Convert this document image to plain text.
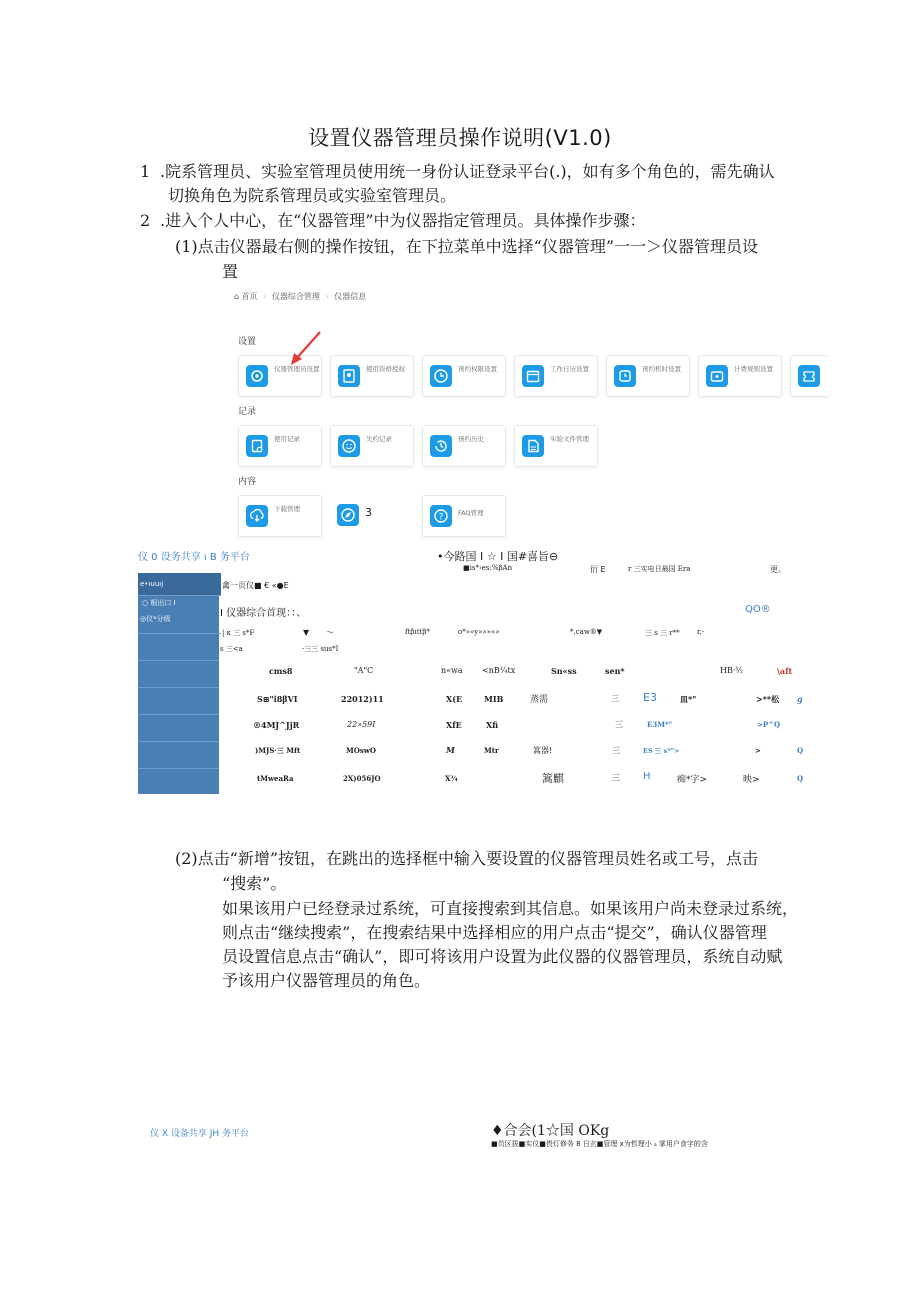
设置仪器管理员操作说明(V1.0)
1 .院系管理员、实验室管理员使用统一身份认证登录平台(.)，如有多个角色的，需先确认
切换角色为院系管理员或实验室管理员。
2 .进入个人中心，在“仪器管理”中为仪器指定管理员。具体操作步骤：
(1)点击仪器最右侧的操作按钮，在下拉菜单中选择“仪器管理”一一＞仪器管理员设
置
⌂ 首页 › 仪器综合管理 › 仪器信息
设置
记录
内容
仪器管理员设置	使用资格授权	预约权限设置	工作日历设置	预约机时设置	计费规则设置
使用记录	失约记录	预约历史	实验文件管理
下载管理	3	? FAQ管理
仪 0 设务共享 ı B 务平台	•今路国 I ☆ I 国#喜旨⊖
■is*›es:%βAn	衍 E	r 三实电日最国 Era	更。
e•ıuuıj
○ 根出口 I
◎仪*分级
禽一页仪■ € «●E
I 仪器综合首现：：、	QO®
| к 三 s*F	▼ ～	ftβıttβ*	o*»»y»»»«»	*,caw®▼	三 s 三 r** r,-
s 三<a	·三三 sus*I
cms8	"A"C	n«wa <nB¼tx	Sn«ss	sen*	HB·½	\aft
S⊞"i8βVI	22012)11	X(E	MIB	蒸需	三 E3	皿*"	>**松 g
®4MJ^JjR	22»59I	XfE	Xfi	三	E3M*"	>P^Q
)MJS·三 Mft	MOswO	M	Mtr	篙器!	三	ES 三 s*">	>	Q
tMweaRa	2X)056JO	X¾	篙麒	三 H	痴*字>	映>	Q
(2)点击“新增”按钮，在跳出的选择框中输入要设置的仪器管理员姓名或工号，点击
“搜索”。
如果该用户已经登录过系统，可直接搜索到其信息。如果该用户尚未登录过系统，
则点击“继续搜索”，在搜索结果中选择相应的用户点击“提交”，确认仪器管理
员设置信息点击“确认”，即可将该用户设置为此仪器的仪器管理员，系统自动赋
予该用户仪器管理员的角色。
仪 X 设备共享 JH 务平台	♦合会(1☆国 OKg
■员区拔■实仪■畏灯修务 8 日玄■管理 ⅹ为哲理小 ₐ 掌用户食字的含
